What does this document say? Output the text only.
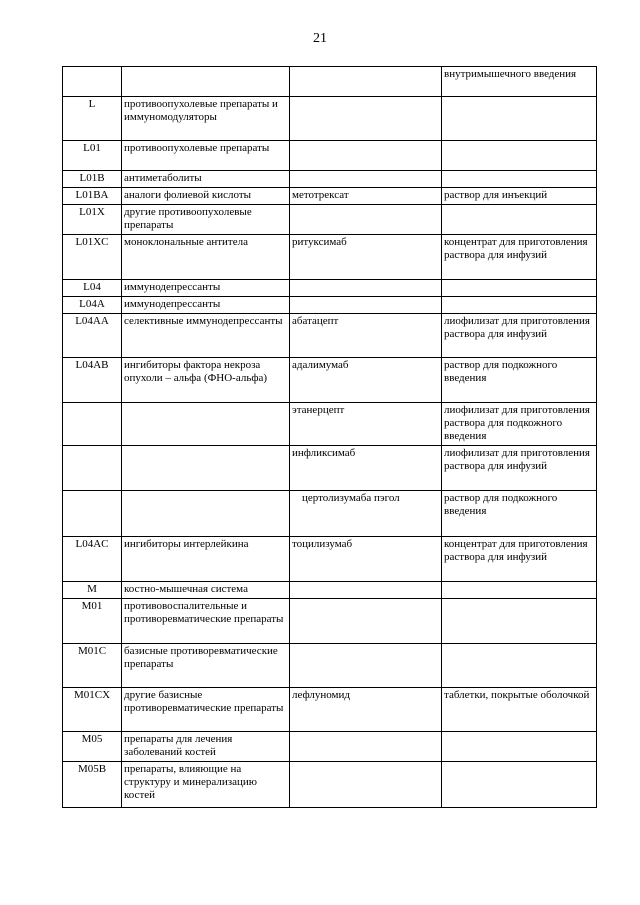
21
			внутримышечного введения
L	противоопухолевые препараты и иммуномодуляторы		
L01	противоопухолевые препараты		
L01B	антиметаболиты		
L01BA	аналоги фолиевой кислоты	метотрексат	раствор для инъекций
L01X	другие противоопухолевые препараты		
L01XC	моноклональные антитела	ритуксимаб	концентрат для приготовления раствора для инфузий
L04	иммунодепрессанты		
L04A	иммунодепрессанты		
L04AA	селективные иммунодепрессанты	абатацепт	лиофилизат для приготовления раствора для инфузий
L04AB	ингибиторы фактора некроза опухоли – альфа (ФНО-альфа)	адалимумаб	раствор для подкожного введения
		этанерцепт	лиофилизат для приготовления раствора для подкожного введения
		инфликсимаб	лиофилизат для приготовления раствора для инфузий
		цертолизумаба пэгол	раствор для подкожного введения
L04AC	ингибиторы интерлейкина	тоцилизумаб	концентрат для приготовления раствора для инфузий
M	костно-мышечная система		
M01	противовоспалительные и противоревматические препараты		
M01C	базисные противоревматические препараты		
M01CX	другие базисные противоревматические препараты	лефлуномид	таблетки, покрытые оболочкой
M05	препараты для лечения заболеваний костей		
M05B	препараты, влияющие на структуру и минерализацию костей		
